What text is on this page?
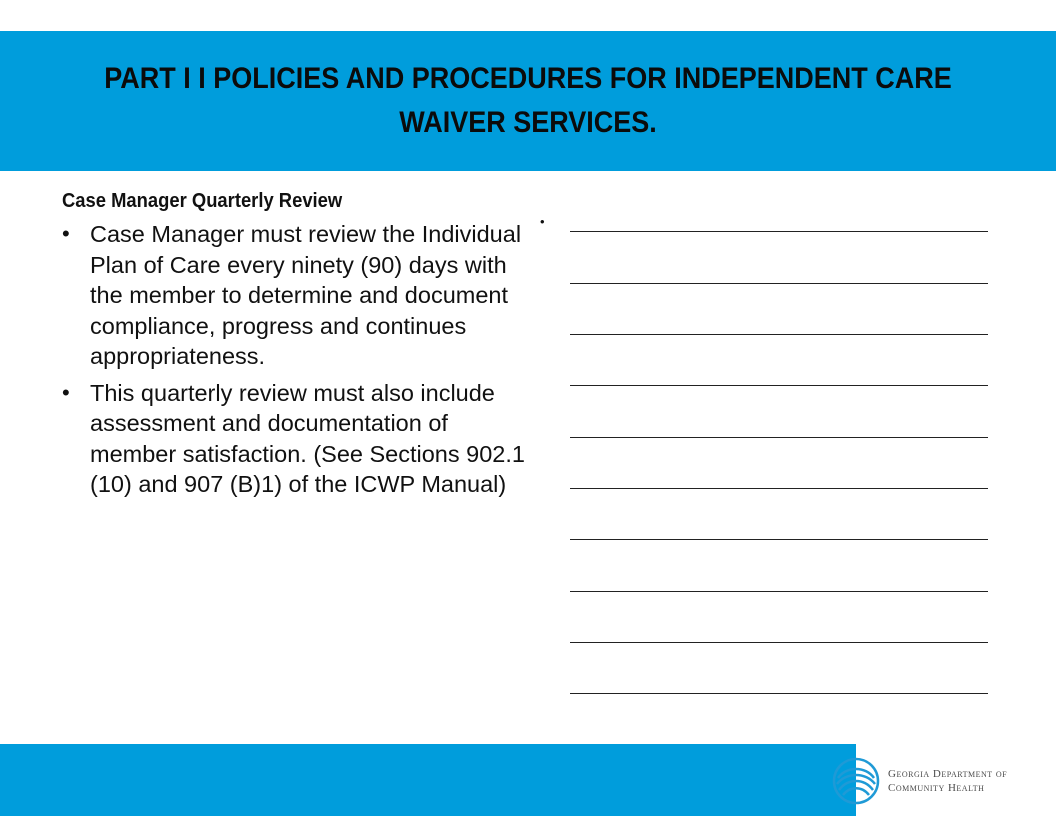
PART I I POLICIES AND PROCEDURES FOR INDEPENDENT CARE WAIVER SERVICES.
Case Manager Quarterly Review
• Case Manager must review the Individual Plan of Care every ninety (90) days with the member to determine and document compliance, progress and continues appropriateness.
• This quarterly review must also include assessment and documentation of member satisfaction. (See Sections 902.1 (10) and 907 (B)1) of the ICWP Manual)
•
Georgia Department of
Community Health
